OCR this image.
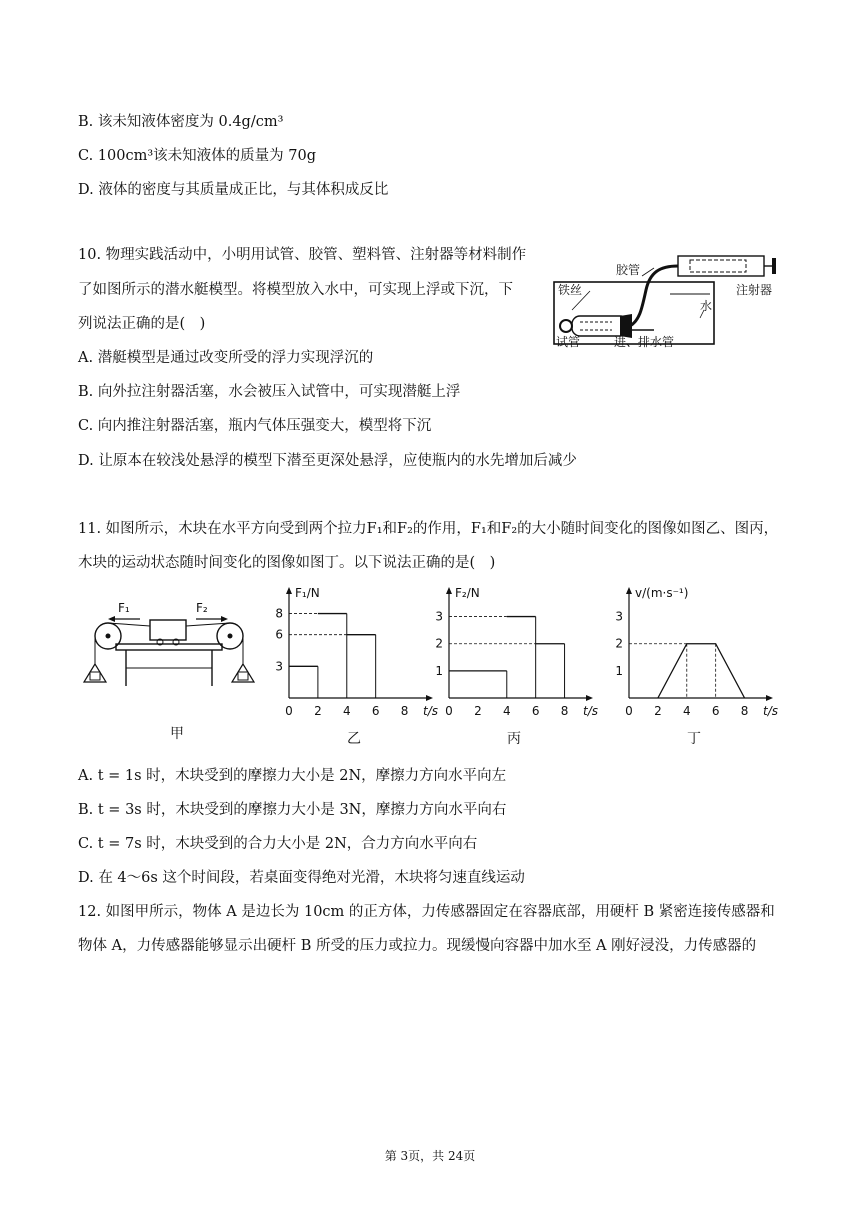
B. 该未知液体密度为 0.4g/cm³
C. 100cm³该未知液体的质量为 70g
D. 液体的密度与其质量成正比，与其体积成反比
10. 物理实践活动中，小明用试管、胶管、塑料管、注射器等材料制作
了如图所示的潜水艇模型。将模型放入水中，可实现上浮或下沉，下
列说法正确的是(　)
A. 潜艇模型是通过改变所受的浮力实现浮沉的
B. 向外拉注射器活塞，水会被压入试管中，可实现潜艇上浮
C. 向内推注射器活塞，瓶内气体压强变大，模型将下沉
D. 让原本在较浅处悬浮的模型下潜至更深处悬浮，应使瓶内的水先增加后减少
11. 如图所示，木块在水平方向受到两个拉力F₁和F₂的作用，F₁和F₂的大小随时间变化的图像如图乙、图丙，
木块的运动状态随时间变化的图像如图丁。以下说法正确的是(　)
A. t = 1s 时，木块受到的摩擦力大小是 2N，摩擦力方向水平向左
B. t = 3s 时，木块受到的摩擦力大小是 3N，摩擦力方向水平向右
C. t = 7s 时，木块受到的合力大小是 2N，合力方向水平向右
D. 在 4～6s 这个时间段，若桌面变得绝对光滑，木块将匀速直线运动
12. 如图甲所示，物体 A 是边长为 10cm 的正方体，力传感器固定在容器底部，用硬杆 B 紧密连接传感器和
物体 A，力传感器能够显示出硬杆 B 所受的压力或拉力。现缓慢向容器中加水至 A 刚好浸没，力传感器的
胶管
注射器
铁丝
水
试管	进、排水管
F₁	F₂
甲
F₁/N
t/s
0 2 4 6 8
3
6
8
乙
F₂/N
t/s
0 2 4 6 8
1
2
3
丙
v/(m·s⁻¹)
t/s
0 2 4 6 8
1
2
3
丁
第 3页，共 24页
